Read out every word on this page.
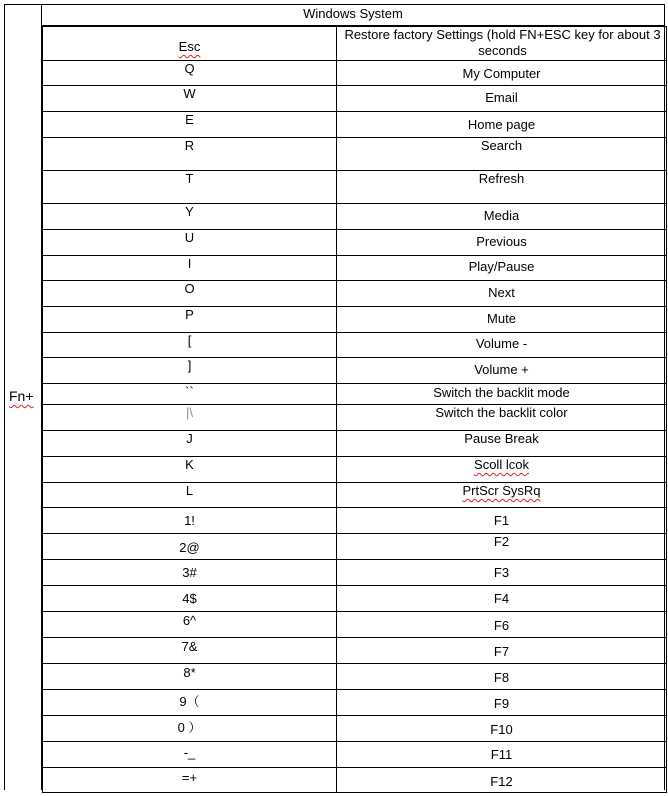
Fn+
Windows System
Esc	Restore factory Settings (hold FN+ESC key for about 3 seconds

Q	My Computer

W	Email

E	Home page

R	Search

T	Refresh

Y	Media

U	Previous

I	Play/Pause

O	Next

P	Mute

[	Volume -

]	Volume +

``	Switch the backlit mode

|\	Switch the backlit color

J	Pause Break

K	Scoll lcok

L	PrtScr SysRq

1!	F1

2@	F2

3#	F3

4$	F4

6^	F6

7&	F7

8*	F8

9（	F9

0 ）	F10

-_	F11

=+	F12
